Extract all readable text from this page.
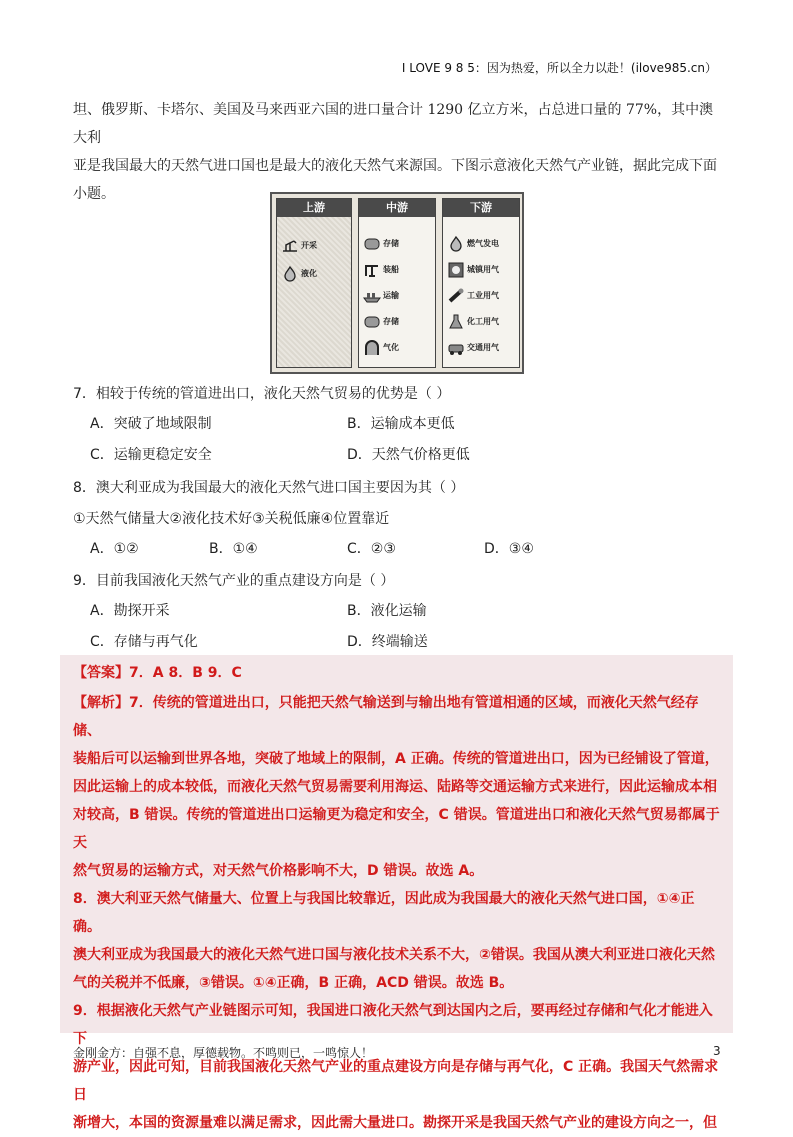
I LOVE 9 8 5：因为热爱，所以全力以赴！(ilove985.cn）
坦、俄罗斯、卡塔尔、美国及马来西亚六国的进口量合计 1290 亿立方米，占总进口量的 77%，其中澳大利
亚是我国最大的天然气进口国也是最大的液化天然气来源国。下图示意液化天然气产业链，据此完成下面
小题。
上游
开采
液化
中游
存储
装船
运输
存储
气化
下游
燃气发电
城镇用气
工业用气
化工用气
交通用气
7．相较于传统的管道进出口，液化天然气贸易的优势是（ ）
A．突破了地域限制	B．运输成本更低
C．运输更稳定安全	D．天然气价格更低
8．澳大利亚成为我国最大的液化天然气进口国主要因为其（ ）
①天然气储量大②液化技术好③关税低廉④位置靠近
A．①②	B．①④	C．②③	D．③④
9．目前我国液化天然气产业的重点建设方向是（ ）
A．勘探开采	B．液化运输
C．存储与再气化	D．终端输送
【答案】7．A 8．B 9．C
【解析】7．传统的管道进出口，只能把天然气输送到与输出地有管道相通的区域，而液化天然气经存储、
装船后可以运输到世界各地，突破了地域上的限制，A 正确。传统的管道进出口，因为已经铺设了管道，
因此运输上的成本较低，而液化天然气贸易需要利用海运、陆路等交通运输方式来进行，因此运输成本相
对较高，B 错误。传统的管道进出口运输更为稳定和安全，C 错误。管道进出口和液化天然气贸易都属于天
然气贸易的运输方式，对天然气价格影响不大，D 错误。故选 A。
8．澳大利亚天然气储量大、位置上与我国比较靠近，因此成为我国最大的液化天然气进口国，①④正确。
澳大利亚成为我国最大的液化天然气进口国与液化技术关系不大，②错误。我国从澳大利亚进口液化天然
气的关税并不低廉，③错误。①④正确，B 正确，ACD 错误。故选 B。
9．根据液化天然气产业链图示可知，我国进口液化天然气到达国内之后，要再经过存储和气化才能进入下
游产业，因此可知，目前我国液化天然气产业的重点建设方向是存储与再气化，C 正确。我国天气然需求日
渐增大，本国的资源量难以满足需求，因此需大量进口。勘探开采是我国天然气产业的建设方向之一，但
金刚金方：自强不息，厚德载物。不鸣则已，一鸣惊人！	3
